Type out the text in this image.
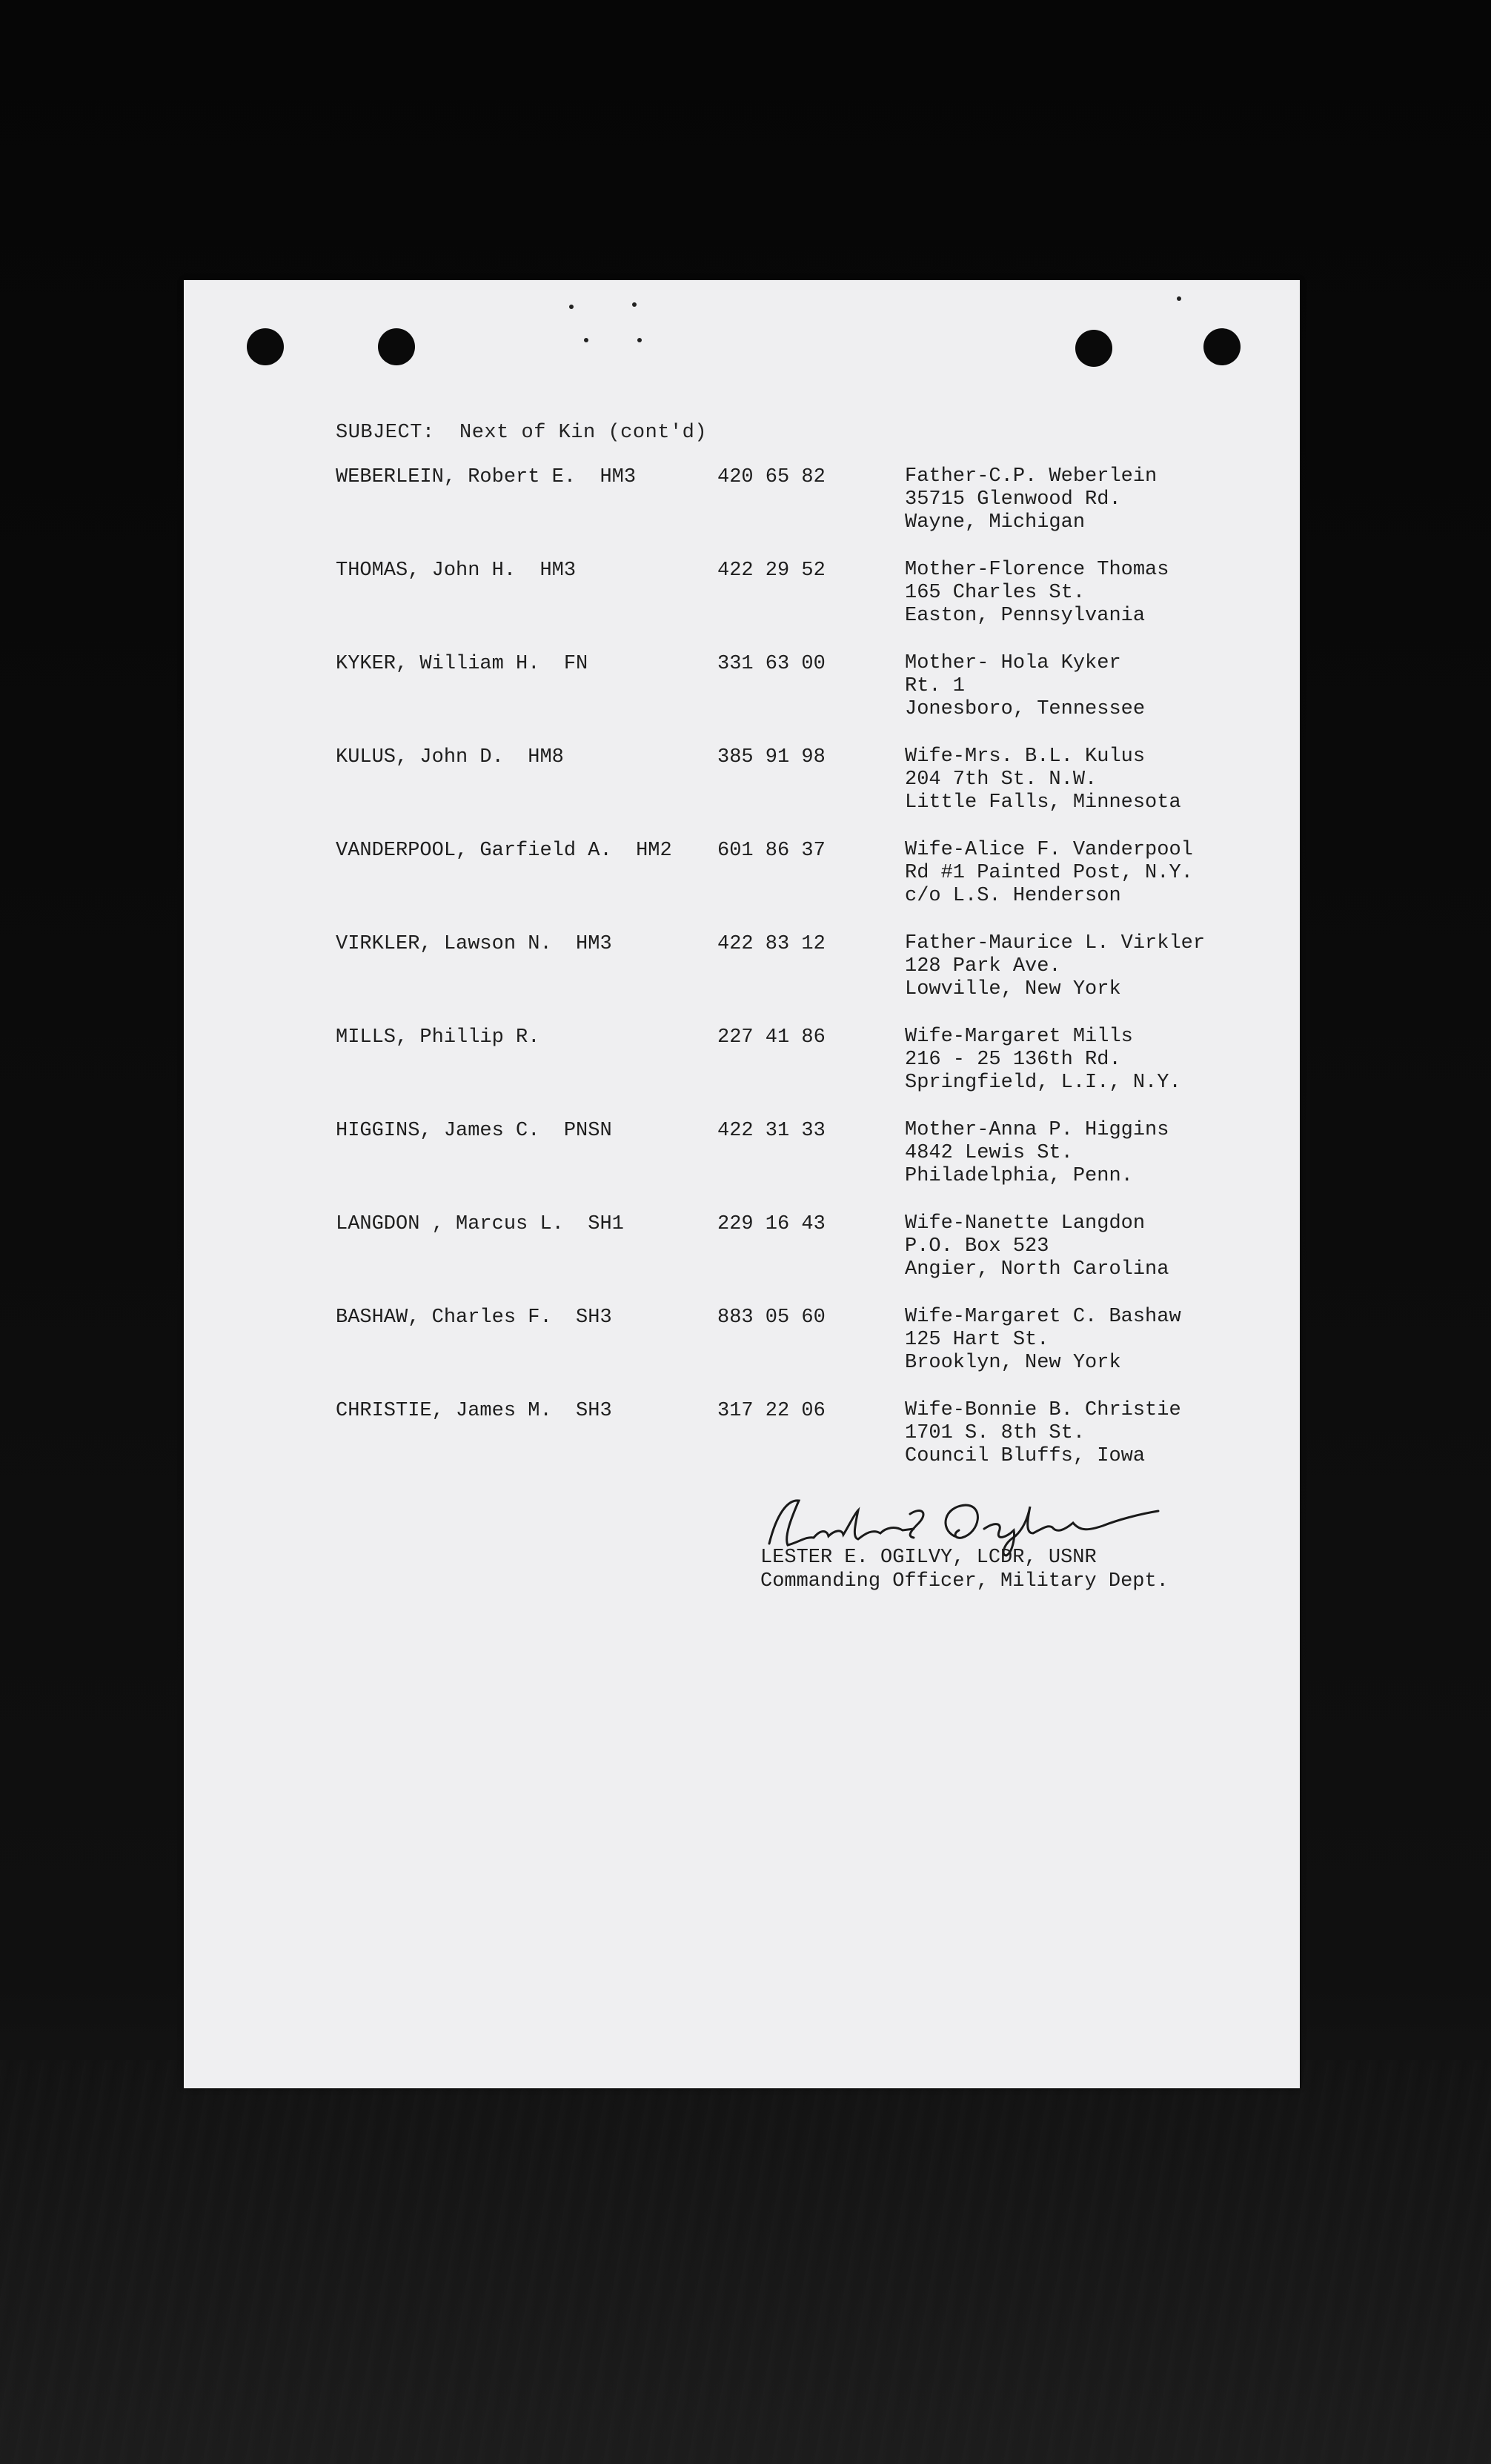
SUBJECT:  Next of Kin (cont'd)
WEBERLEIN, Robert E.  HM3	420 65 82	Father-C.P. Weberlein
35715 Glenwood Rd.
Wayne, Michigan
THOMAS, John H.  HM3	422 29 52	Mother-Florence Thomas
165 Charles St.
Easton, Pennsylvania
KYKER, William H.  FN	331 63 00	Mother- Hola Kyker
Rt. 1
Jonesboro, Tennessee
KULUS, John D.  HM8	385 91 98	Wife-Mrs. B.L. Kulus
204 7th St. N.W.
Little Falls, Minnesota
VANDERPOOL, Garfield A.  HM2 601 86 37	Wife-Alice F. Vanderpool
Rd #1 Painted Post, N.Y.
c/o L.S. Henderson
VIRKLER, Lawson N.  HM3	422 83 12	Father-Maurice L. Virkler
128 Park Ave.
Lowville, New York
MILLS, Phillip R.	227 41 86	Wife-Margaret Mills
216 - 25 136th Rd.
Springfield, L.I., N.Y.
HIGGINS, James C.  PNSN	422 31 33	Mother-Anna P. Higgins
4842 Lewis St.
Philadelphia, Penn.
LANGDON , Marcus L.  SH1	229 16 43	Wife-Nanette Langdon
P.O. Box 523
Angier, North Carolina
BASHAW, Charles F.  SH3	883 05 60	Wife-Margaret C. Bashaw
125 Hart St.
Brooklyn, New York
CHRISTIE, James M.  SH3	317 22 06	Wife-Bonnie B. Christie
1701 S. 8th St.
Council Bluffs, Iowa
Lester E. Ogilvy
LESTER E. OGILVY, LCDR, USNR
Commanding Officer, Military Dept.
